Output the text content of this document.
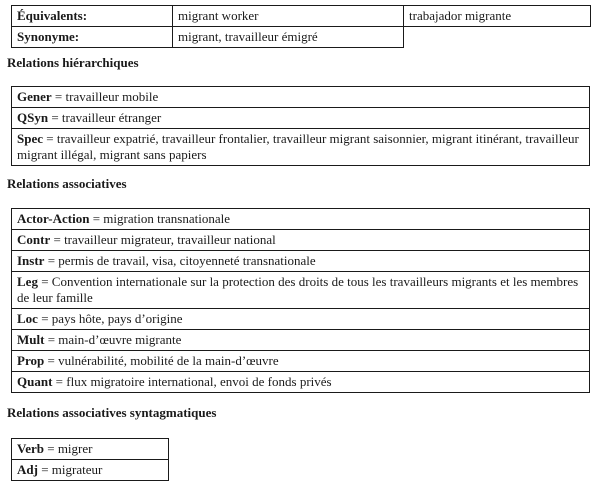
Équivalents:	migrant worker	trabajador migrante
Synonyme:	migrant, travailleur émigré	
Relations hiérarchiques
Gener = travailleur mobile
QSyn = travailleur étranger
Spec = travailleur expatrié, travailleur frontalier, travailleur migrant saisonnier, migrant itinérant, travailleur migrant illégal, migrant sans papiers
Relations associatives
Actor-Action = migration transnationale
Contr = travailleur migrateur, travailleur national
Instr = permis de travail, visa, citoyenneté transnationale
Leg = Convention internationale sur la protection des droits de tous les travailleurs migrants et les membres de leur famille
Loc = pays hôte, pays d’origine
Mult = main-d’œuvre migrante
Prop = vulnérabilité, mobilité de la main-d’œuvre
Quant = flux migratoire international, envoi de fonds privés
Relations associatives syntagmatiques
Verb = migrer
Adj = migrateur
